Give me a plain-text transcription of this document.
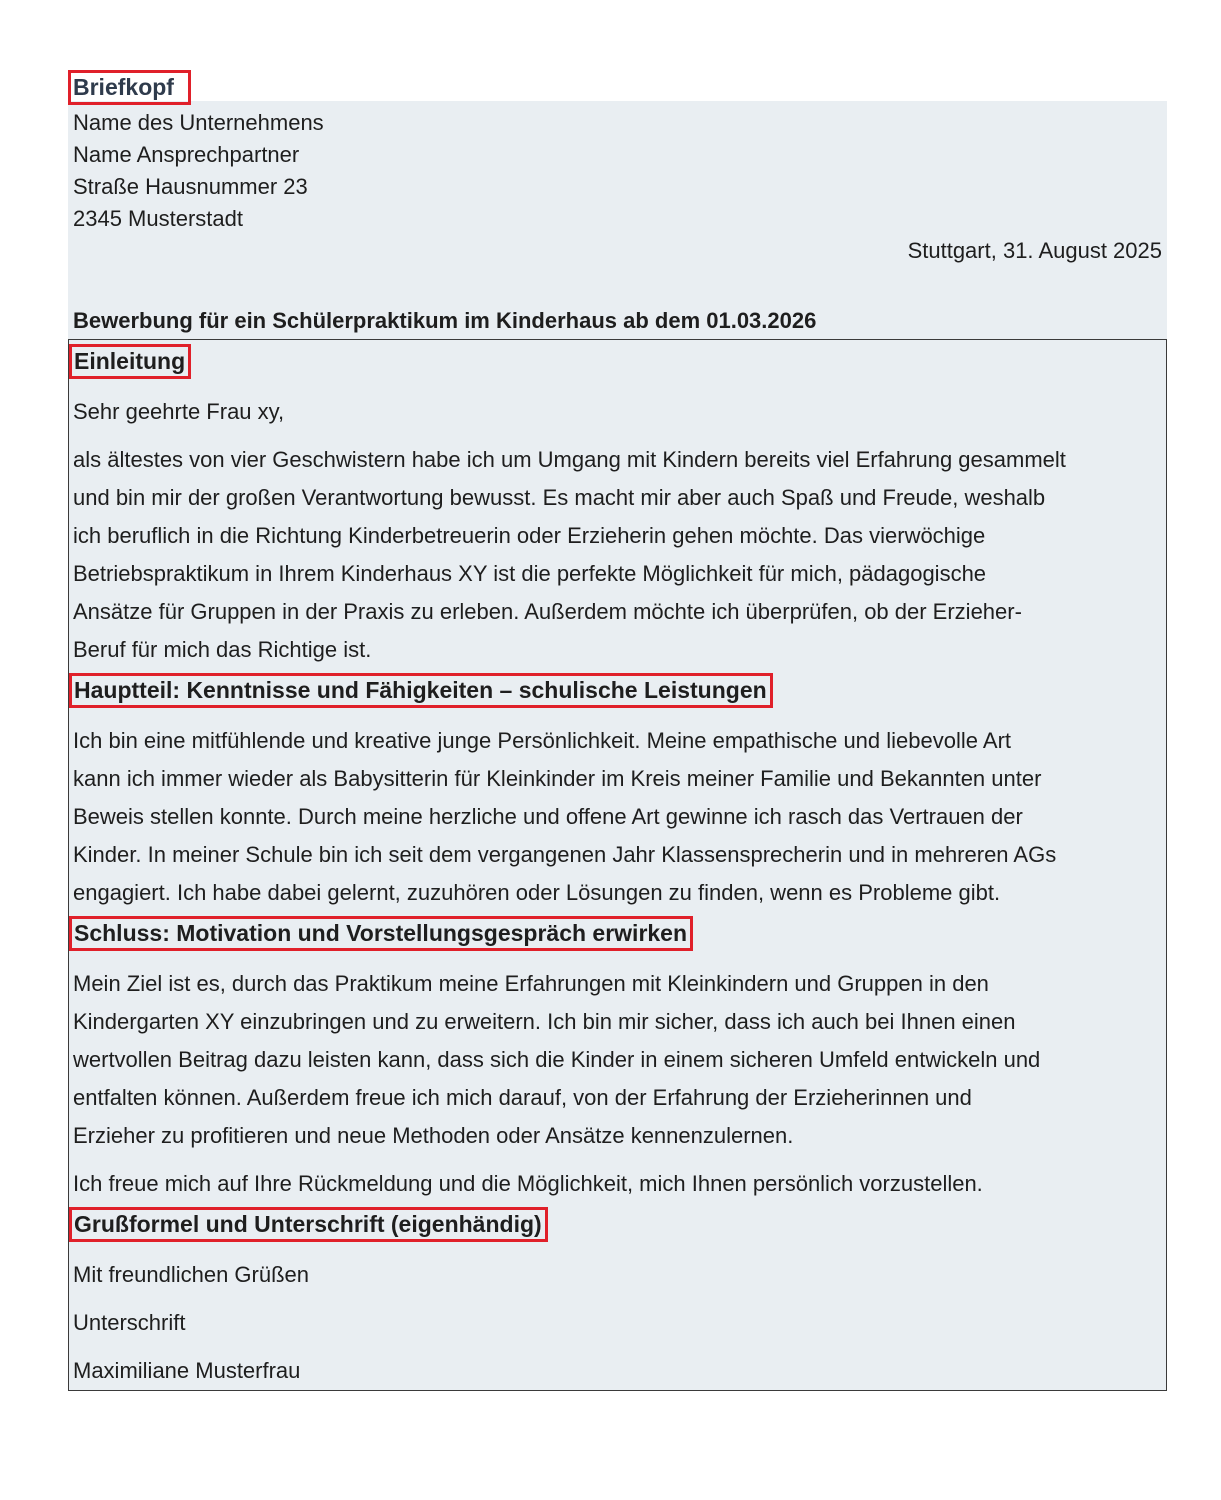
Briefkopf
Name des Unternehmens
Name Ansprechpartner
Straße Hausnummer 23
2345 Musterstadt
Stuttgart, 31. August 2025
Bewerbung für ein Schülerpraktikum im Kinderhaus ab dem 01.03.2026
Einleitung

Sehr geehrte Frau xy,

als ältestes von vier Geschwistern habe ich um Umgang mit Kindern bereits viel Erfahrung gesammelt

und bin mir der großen Verantwortung bewusst. Es macht mir aber auch Spaß und Freude, weshalb

ich beruflich in die Richtung Kinderbetreuerin oder Erzieherin gehen möchte. Das vierwöchige

Betriebspraktikum in Ihrem Kinderhaus XY ist die perfekte Möglichkeit für mich, pädagogische

Ansätze für Gruppen in der Praxis zu erleben. Außerdem möchte ich überprüfen, ob der Erzieher-

Beruf für mich das Richtige ist.

Hauptteil: Kenntnisse und Fähigkeiten – schulische Leistungen

Ich bin eine mitfühlende und kreative junge Persönlichkeit. Meine empathische und liebevolle Art

kann ich immer wieder als Babysitterin für Kleinkinder im Kreis meiner Familie und Bekannten unter

Beweis stellen konnte. Durch meine herzliche und offene Art gewinne ich rasch das Vertrauen der

Kinder. In meiner Schule bin ich seit dem vergangenen Jahr Klassensprecherin und in mehreren AGs

engagiert. Ich habe dabei gelernt, zuzuhören oder Lösungen zu finden, wenn es Probleme gibt.

Schluss: Motivation und Vorstellungsgespräch erwirken

Mein Ziel ist es, durch das Praktikum meine Erfahrungen mit Kleinkindern und Gruppen in den

Kindergarten XY einzubringen und zu erweitern. Ich bin mir sicher, dass ich auch bei Ihnen einen

wertvollen Beitrag dazu leisten kann, dass sich die Kinder in einem sicheren Umfeld entwickeln und

entfalten können. Außerdem freue ich mich darauf, von der Erfahrung der Erzieherinnen und

Erzieher zu profitieren und neue Methoden oder Ansätze kennenzulernen.

Ich freue mich auf Ihre Rückmeldung und die Möglichkeit, mich Ihnen persönlich vorzustellen.

Grußformel und Unterschrift (eigenhändig)

Mit freundlichen Grüßen

Unterschrift

Maximiliane Musterfrau
